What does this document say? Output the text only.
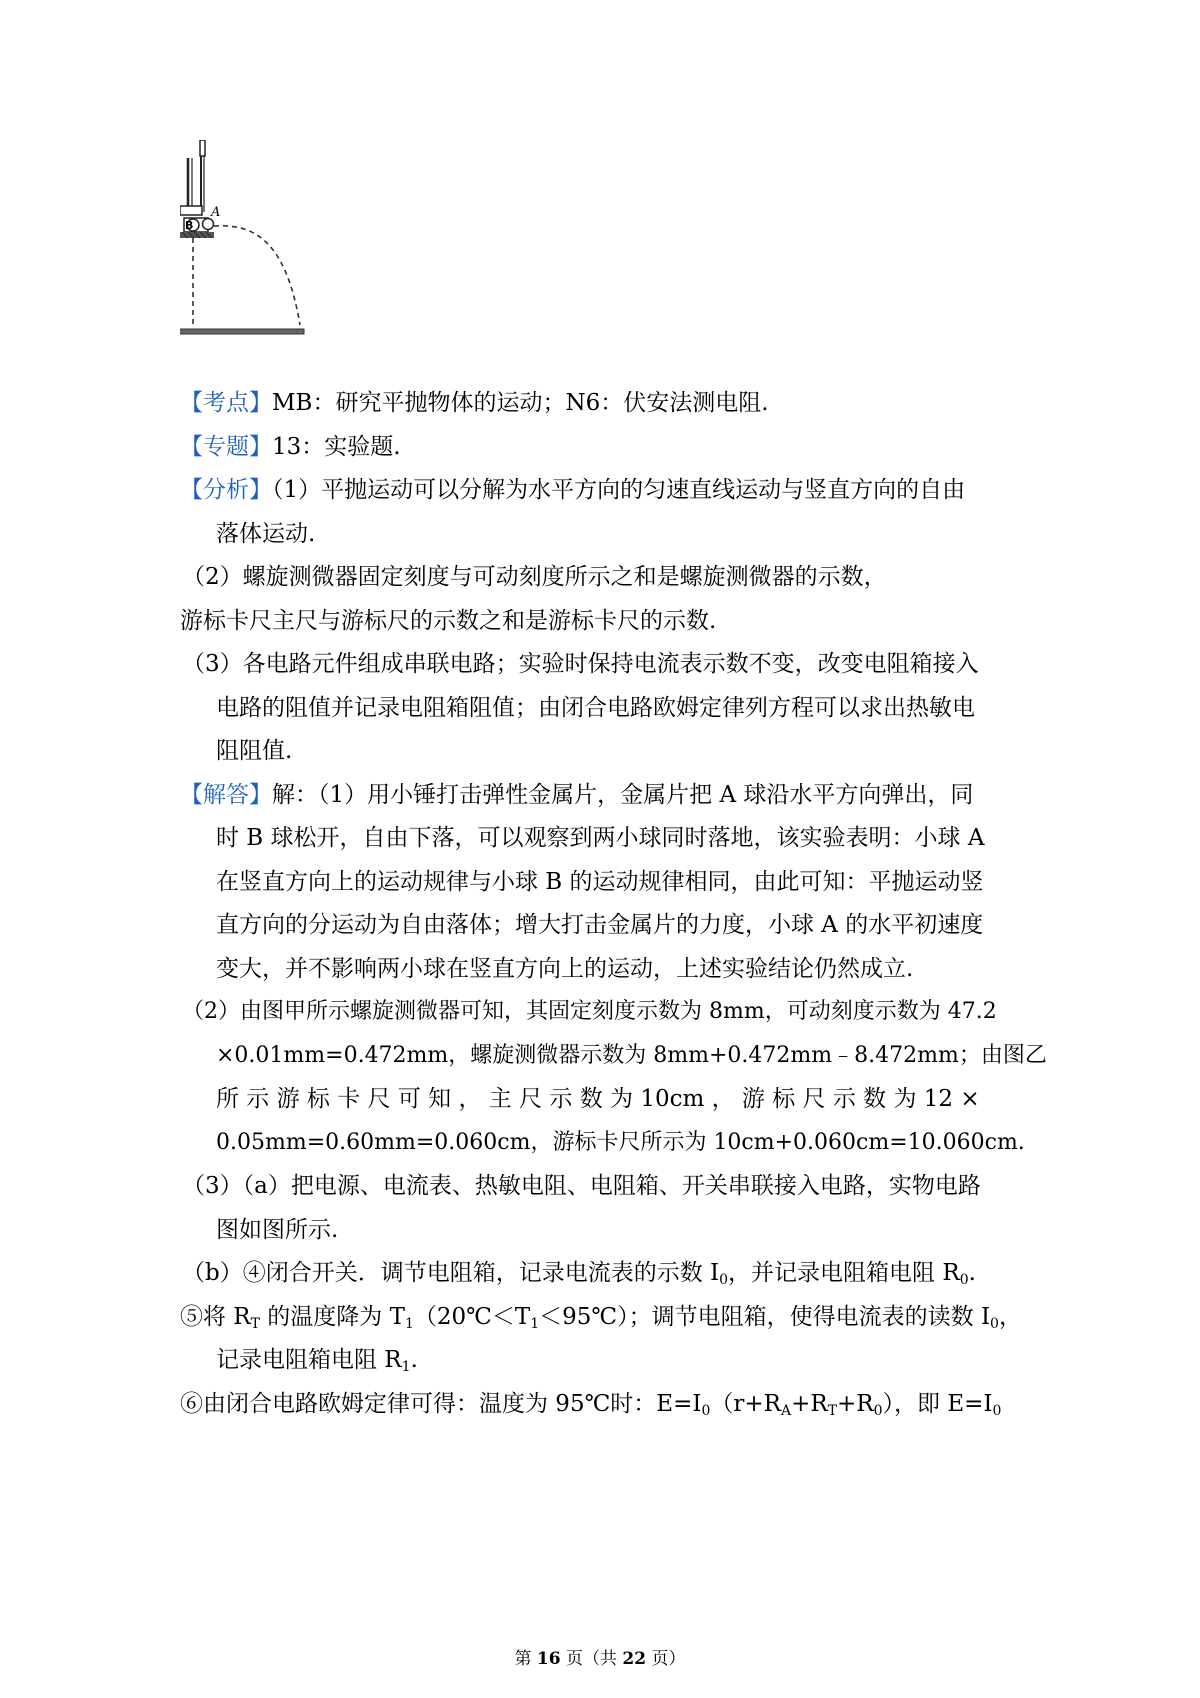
B
A
【考点】MB：研究平抛物体的运动；N6：伏安法测电阻.
【专题】13：实验题.
【分析】（1）平抛运动可以分解为水平方向的匀速直线运动与竖直方向的自由
落体运动.
（2）螺旋测微器固定刻度与可动刻度所示之和是螺旋测微器的示数，
游标卡尺主尺与游标尺的示数之和是游标卡尺的示数.
（3）各电路元件组成串联电路；实验时保持电流表示数不变，改变电阻箱接入
电路的阻值并记录电阻箱阻值；由闭合电路欧姆定律列方程可以求出热敏电
阻阻值.
【解答】解：（1）用小锤打击弹性金属片，金属片把 A 球沿水平方向弹出，同
时 B 球松开，自由下落，可以观察到两小球同时落地，该实验表明：小球 A
在竖直方向上的运动规律与小球 B 的运动规律相同，由此可知：平抛运动竖
直方向的分运动为自由落体；增大打击金属片的力度，小球 A 的水平初速度
变大，并不影响两小球在竖直方向上的运动，上述实验结论仍然成立.
（2）由图甲所示螺旋测微器可知，其固定刻度示数为 8mm，可动刻度示数为 47.2
×0.01mm=0.472mm，螺旋测微器示数为 8mm+0.472mm﹣8.472mm；由图乙
所 示 游 标 卡 尺 可 知 ， 主 尺 示 数 为 10cm ， 游 标 尺 示 数 为 12 ×
0.05mm=0.60mm=0.060cm，游标卡尺所示为 10cm+0.060cm=10.060cm.
（3）（a）把电源、电流表、热敏电阻、电阻箱、开关串联接入电路，实物电路
图如图所示.
（b）④闭合开关．调节电阻箱，记录电流表的示数 $I_0$，并记录电阻箱电阻 $R_0$.
⑤将 $R_T$ 的温度降为 $T_1(20℃<T_1<95℃)$；调节电阻箱，使得电流表的读数 $I_0$，
记录电阻箱电阻 $R_1$.
⑥由闭合电路欧姆定律可得：温度为 95℃时：$E=I_0(r+R_A+R_T+R_0)$，即 $E=I_0$
第 16 页（共 22 页）
